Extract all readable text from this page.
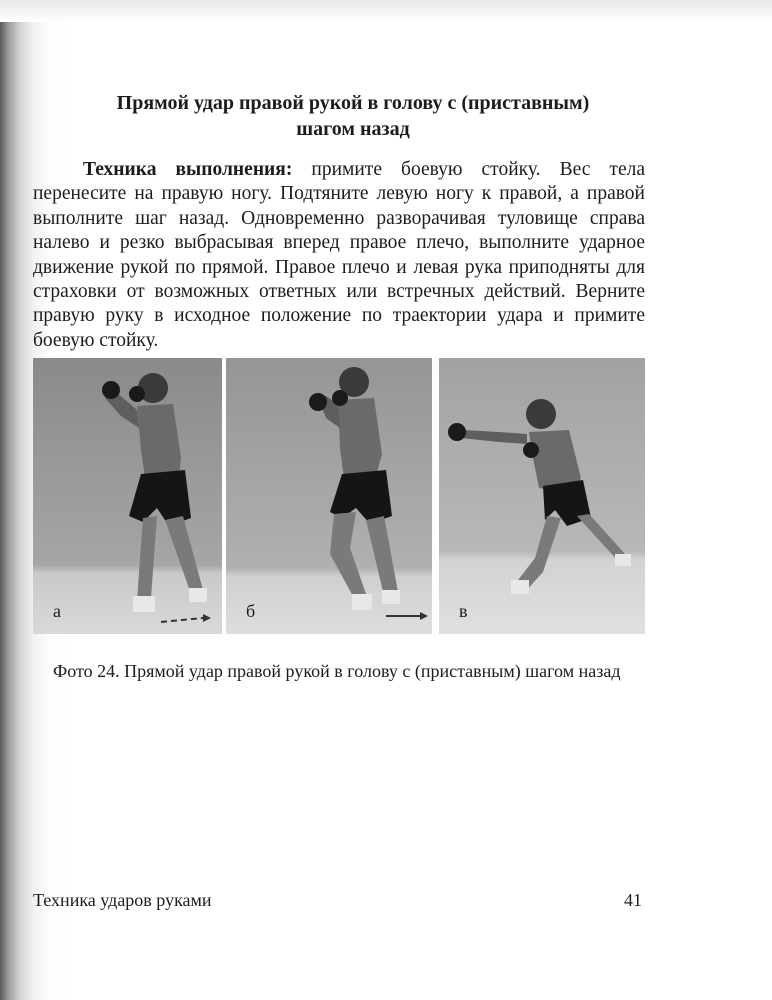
Прямой удар правой рукой в голову с (приставным)
шагом назад

Техника выполнения: примите боевую стойку. Вес тела перенесите на правую ногу. Подтяните левую ногу к правой, а правой выполните шаг назад. Одновременно разворачивая туловище справа налево и резко выбрасывая вперед правое плечо, выполните ударное движение рукой по прямой. Правое плечо и левая рука приподняты для страховки от возможных ответных или встречных действий. Верните правую руку в исходное положение по траектории удара и примите боевую стойку.

а	б	в
Фото 24. Прямой удар правой рукой в голову с (приставным) шагом назад
Техника ударов руками	41
